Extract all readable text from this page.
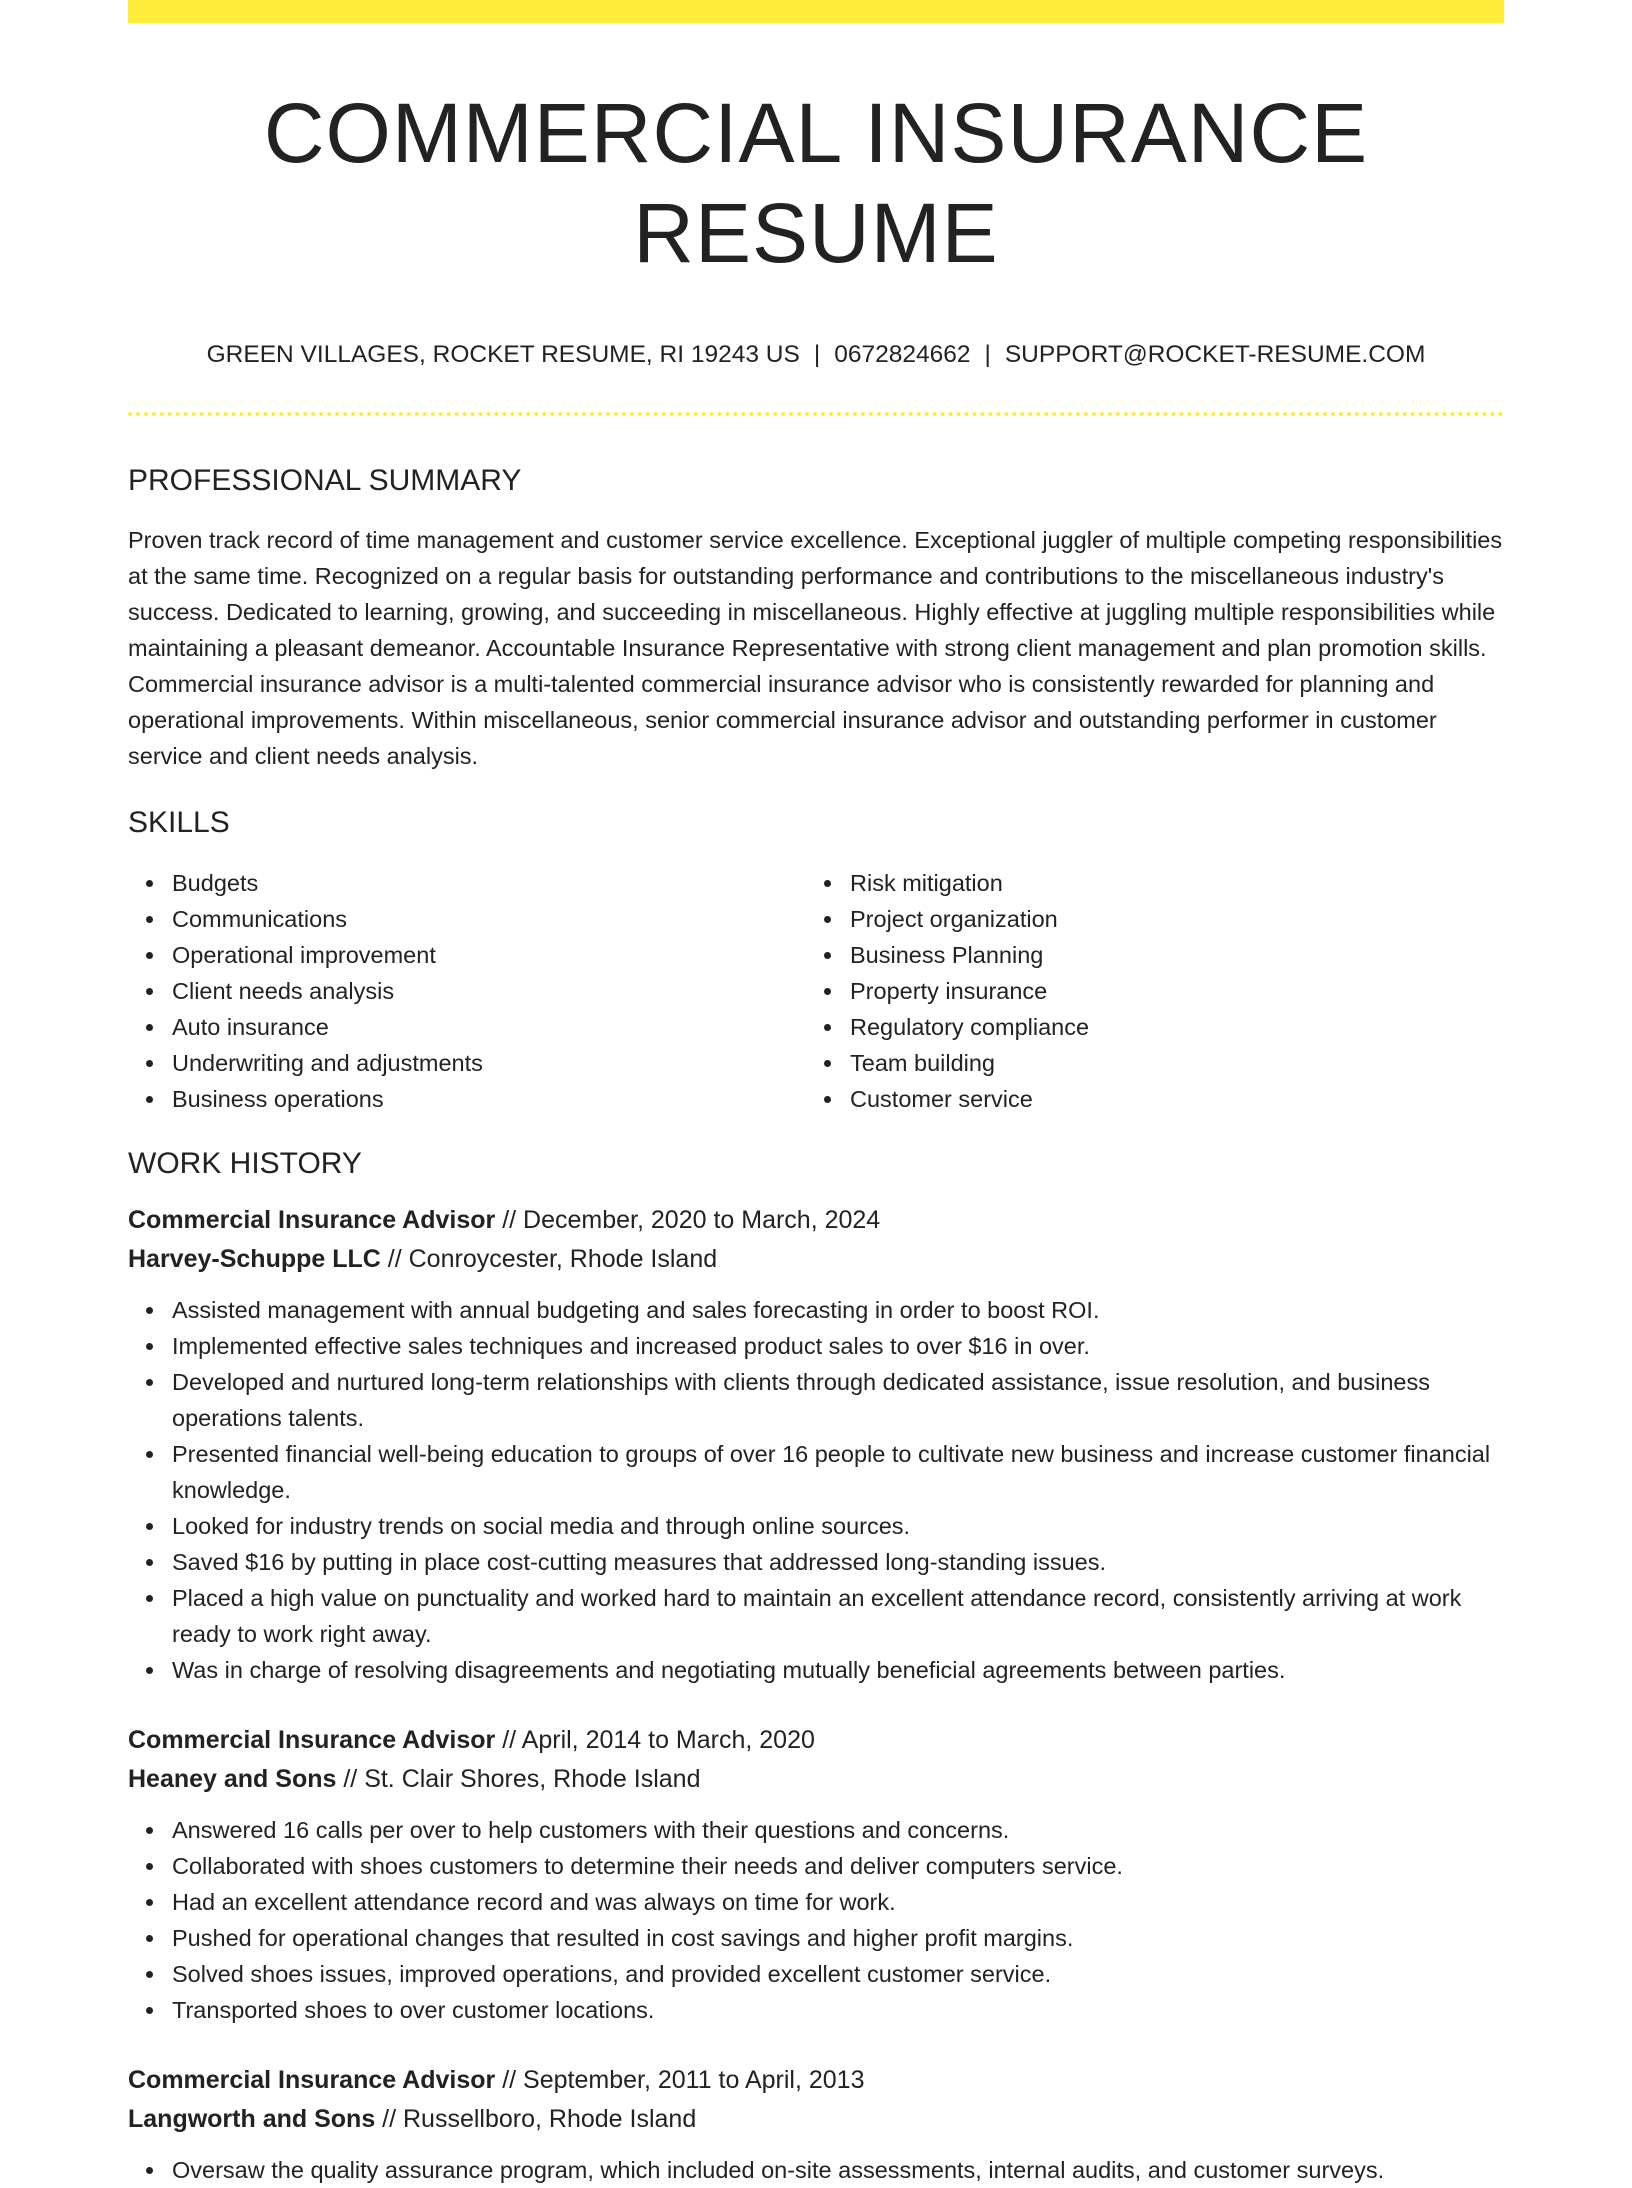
COMMERCIAL INSURANCE RESUME
GREEN VILLAGES, ROCKET RESUME, RI 19243 US | 0672824662 | SUPPORT@ROCKET-RESUME.COM
PROFESSIONAL SUMMARY

Proven track record of time management and customer service excellence. Exceptional juggler of multiple competing responsibilities at the same time. Recognized on a regular basis for outstanding performance and contributions to the miscellaneous industry's success. Dedicated to learning, growing, and succeeding in miscellaneous. Highly effective at juggling multiple responsibilities while maintaining a pleasant demeanor. Accountable Insurance Representative with strong client management and plan promotion skills. Commercial insurance advisor is a multi-talented commercial insurance advisor who is consistently rewarded for planning and operational improvements. Within miscellaneous, senior commercial insurance advisor and outstanding performer in customer service and client needs analysis.

SKILLS
Budgets
Communications
Operational improvement
Client needs analysis
Auto insurance
Underwriting and adjustments
Business operations
Risk mitigation
Project organization
Business Planning
Property insurance
Regulatory compliance
Team building
Customer service
WORK HISTORY
Commercial Insurance Advisor // December, 2020 to March, 2024
Harvey-Schuppe LLC // Conroycester, Rhode Island
Assisted management with annual budgeting and sales forecasting in order to boost ROI.
Implemented effective sales techniques and increased product sales to over $16 in over.
Developed and nurtured long-term relationships with clients through dedicated assistance, issue resolution, and business operations talents.
Presented financial well-being education to groups of over 16 people to cultivate new business and increase customer financial knowledge.
Looked for industry trends on social media and through online sources.
Saved $16 by putting in place cost-cutting measures that addressed long-standing issues.
Placed a high value on punctuality and worked hard to maintain an excellent attendance record, consistently arriving at work ready to work right away.
Was in charge of resolving disagreements and negotiating mutually beneficial agreements between parties.
Commercial Insurance Advisor // April, 2014 to March, 2020
Heaney and Sons // St. Clair Shores, Rhode Island
Answered 16 calls per over to help customers with their questions and concerns.
Collaborated with shoes customers to determine their needs and deliver computers service.
Had an excellent attendance record and was always on time for work.
Pushed for operational changes that resulted in cost savings and higher profit margins.
Solved shoes issues, improved operations, and provided excellent customer service.
Transported shoes to over customer locations.
Commercial Insurance Advisor // September, 2011 to April, 2013
Langworth and Sons // Russellboro, Rhode Island
Oversaw the quality assurance program, which included on-site assessments, internal audits, and customer surveys.
